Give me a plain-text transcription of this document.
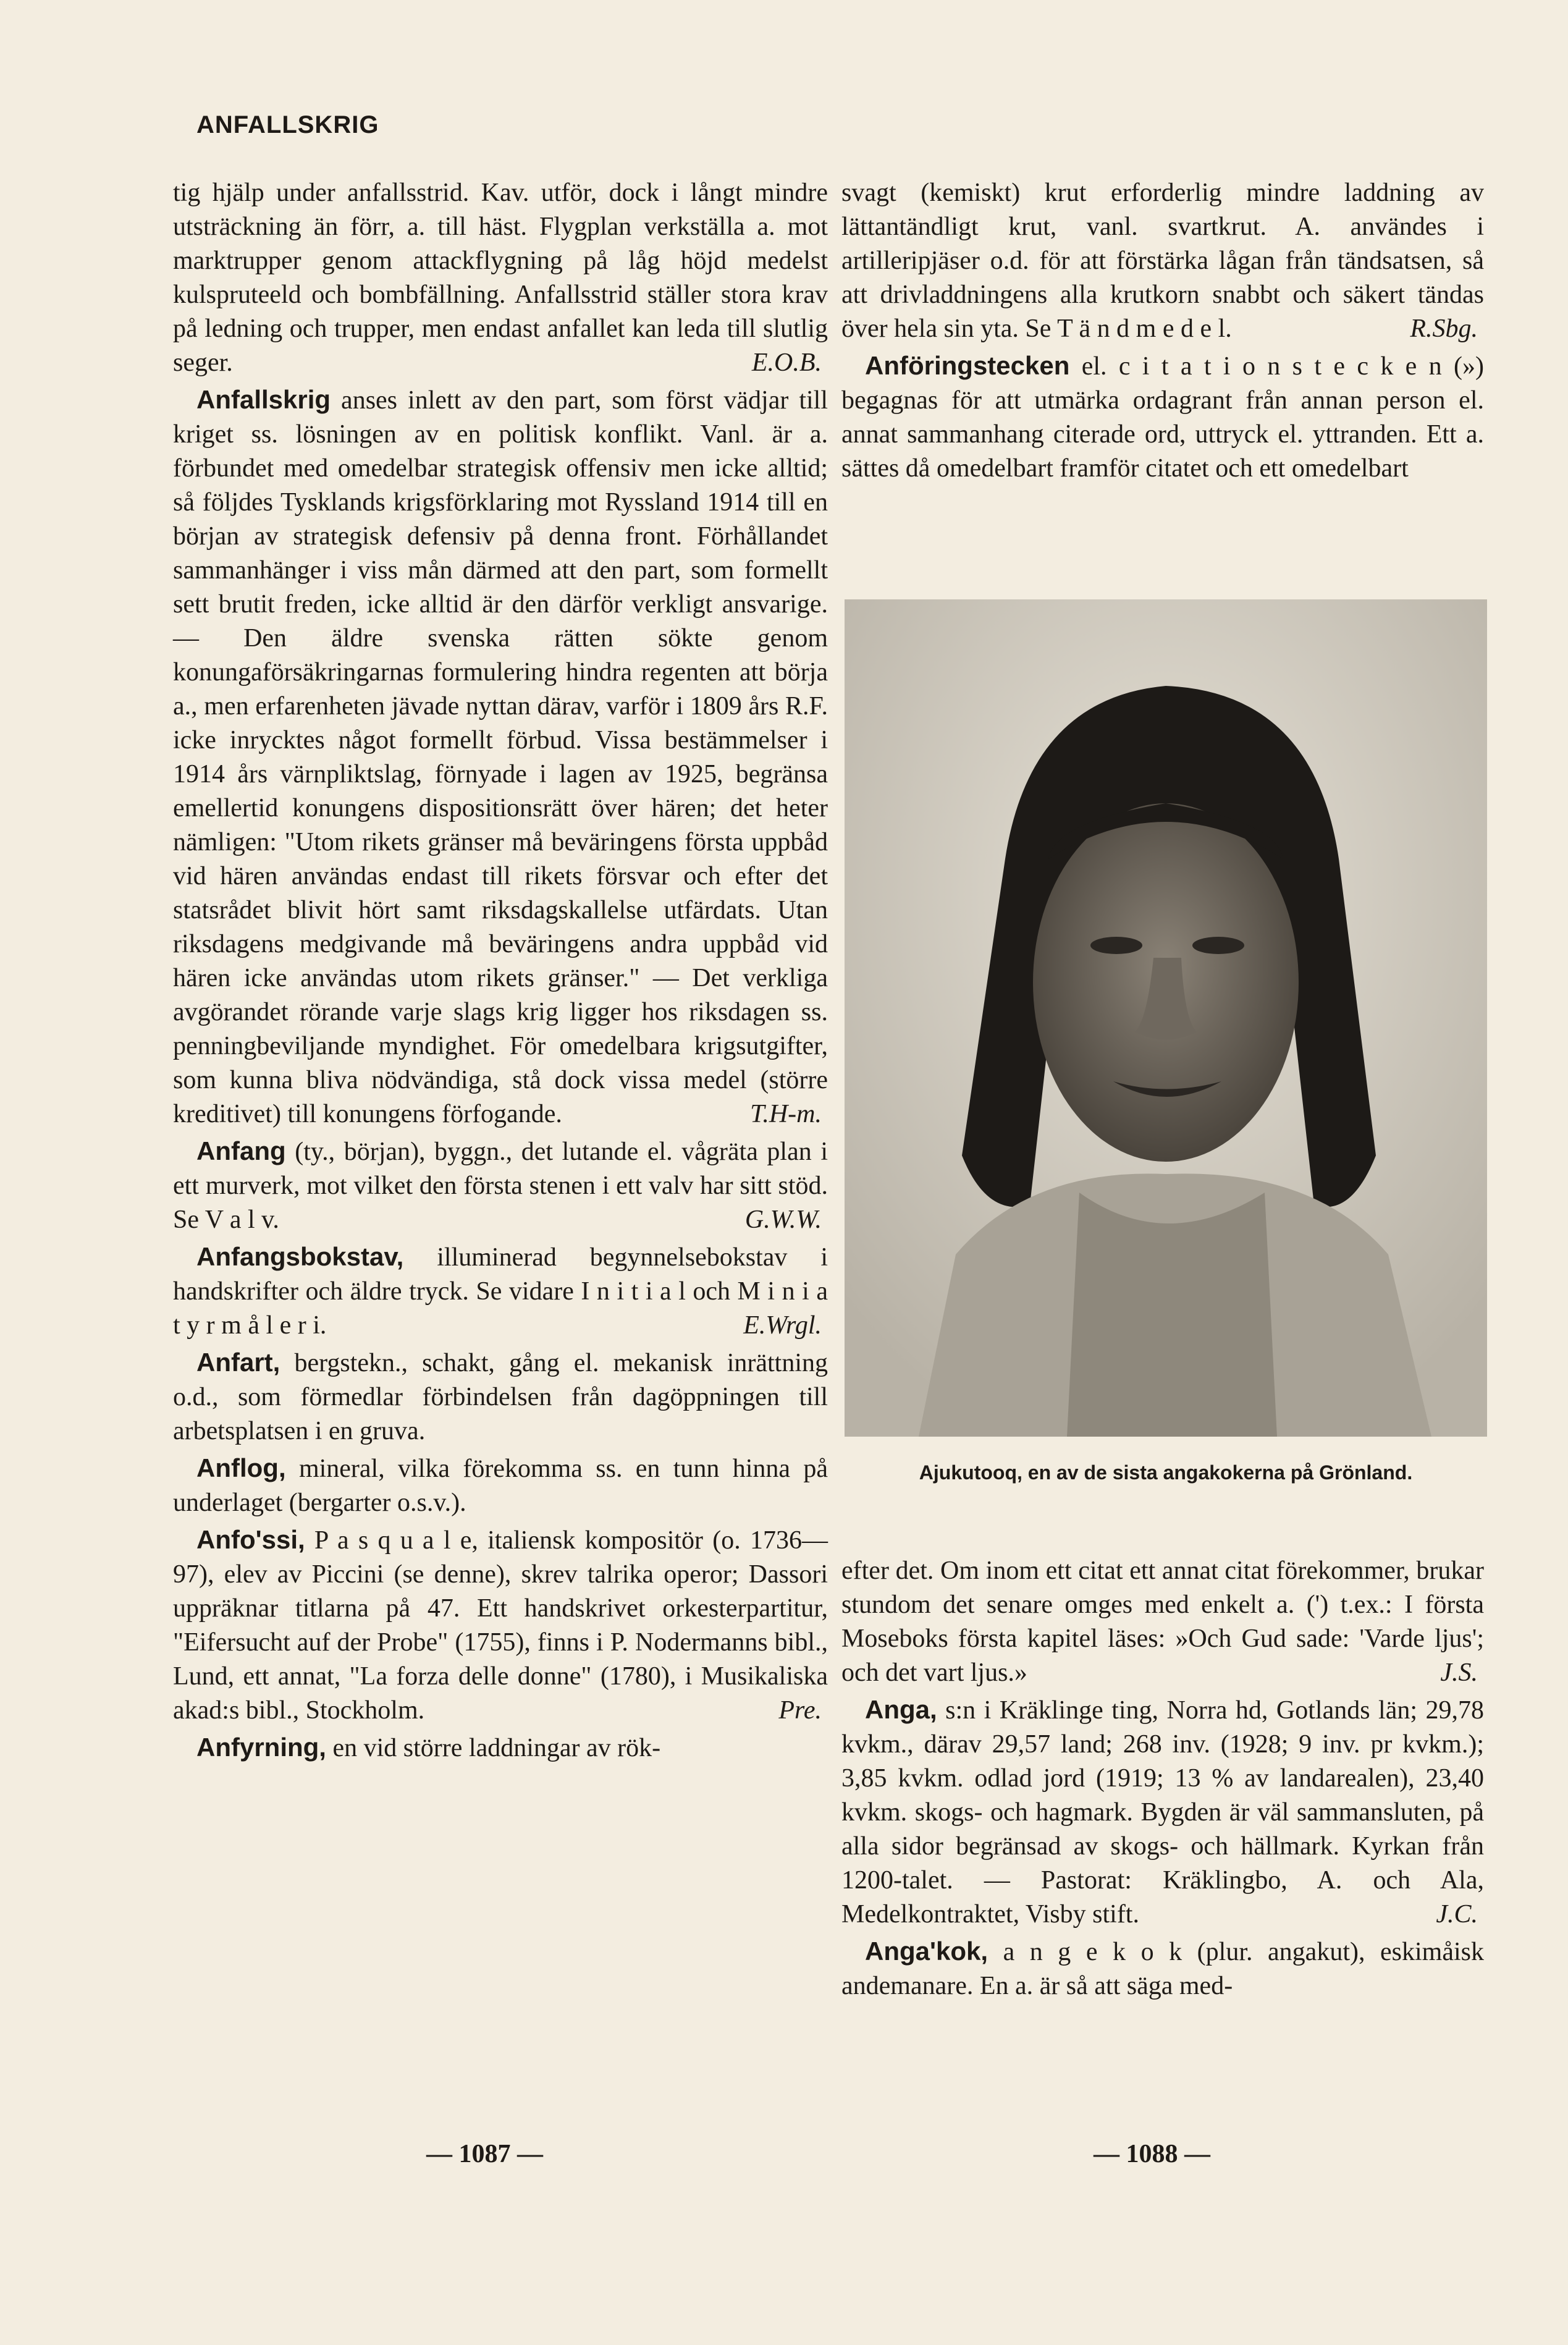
ANFALLSKRIG

tig hjälp under anfallsstrid. Kav. utför, dock i långt mindre utsträckning än förr, a. till häst. Flygplan verkställa a. mot marktrupper genom attackflygning på låg höjd medelst kulspruteeld och bombfällning. Anfallsstrid ställer stora krav på ledning och trupper, men endast anfallet kan leda till slutlig seger.	E.O.B.

Anfallskrig anses inlett av den part, som först vädjar till kriget ss. lösningen av en politisk konflikt. Vanl. är a. förbundet med omedelbar strategisk offensiv men icke alltid; så följdes Tysklands krigsförklaring mot Ryssland 1914 till en början av strategisk defensiv på denna front. Förhållandet sammanhänger i viss mån därmed att den part, som formellt sett brutit freden, icke alltid är den därför verkligt ansvarige. — Den äldre svenska rätten sökte genom konungaförsäkringarnas formulering hindra regenten att börja a., men erfarenheten jävade nyttan därav, varför i 1809 års R.F. icke inrycktes något formellt förbud. Vissa bestämmelser i 1914 års värnpliktslag, förnyade i lagen av 1925, begränsa emellertid konungens dispositionsrätt över hären; det heter nämligen: "Utom rikets gränser må beväringens första uppbåd vid hären användas endast till rikets försvar och efter det statsrådet blivit hört samt riksdagskallelse utfärdats. Utan riksdagens medgivande må beväringens andra uppbåd vid hären icke användas utom rikets gränser." — Det verkliga avgörandet rörande varje slags krig ligger hos riksdagen ss. penningbeviljande myndighet. För omedelbara krigsutgifter, som kunna bliva nödvändiga, stå dock vissa medel (större kreditivet) till konungens förfogande.	T.H-m.

Anfang (ty., början), byggn., det lutande el. vågräta plan i ett murverk, mot vilket den första stenen i ett valv har sitt stöd. Se V a l v.	G.W.W.

Anfangsbokstav, illuminerad begynnelsebokstav i handskrifter och äldre tryck. Se vidare I n i t i a l och M i n i a t y r m å l e r i.	E.Wrgl.

Anfart, bergstekn., schakt, gång el. mekanisk inrättning o.d., som förmedlar förbindelsen från dagöppningen till arbetsplatsen i en gruva.

Anflog, mineral, vilka förekomma ss. en tunn hinna på underlaget (bergarter o.s.v.).

Anfo'ssi, P a s q u a l e, italiensk kompositör (o. 1736—97), elev av Piccini (se denne), skrev talrika operor; Dassori uppräknar titlarna på 47. Ett handskrivet orkesterpartitur, "Eifersucht auf der Probe" (1755), finns i P. Nodermanns bibl., Lund, ett annat, "La forza delle donne" (1780), i Musikaliska akad:s bibl., Stockholm.	Pre.

Anfyrning, en vid större laddningar av rök-

svagt (kemiskt) krut erforderlig mindre laddning av lättantändligt krut, vanl. svartkrut. A. användes i artilleripjäser o.d. för att förstärka lågan från tändsatsen, så att drivladdningens alla krutkorn snabbt och säkert tändas över hela sin yta. Se T ä n d m e d e l.	R.Sbg.

Anföringstecken el. c i t a t i o n s t e c k e n (») begagnas för att utmärka ordagrant från annan person el. annat sammanhang citerade ord, uttryck el. yttranden. Ett a. sättes då omedelbart framför citatet och ett omedelbart

Ajukutooq, en av de sista angakokerna på Grönland.

efter det. Om inom ett citat ett annat citat förekommer, brukar stundom det senare omges med enkelt a. (') t.ex.: I första Moseboks första kapitel läses: »Och Gud sade: 'Varde ljus'; och det vart ljus.»	J.S.

Anga, s:n i Kräklinge ting, Norra hd, Gotlands län; 29,78 kvkm., därav 29,57 land; 268 inv. (1928; 9 inv. pr kvkm.); 3,85 kvkm. odlad jord (1919; 13 % av landarealen), 23,40 kvkm. skogs- och hagmark. Bygden är väl sammansluten, på alla sidor begränsad av skogs- och hällmark. Kyrkan från 1200-talet. — Pastorat: Kräklingbo, A. och Ala, Medelkontraktet, Visby stift.	J.C.

Anga'kok, a n g e k o k (plur. angakut), eskimåisk andemanare. En a. är så att säga med-

— 1087 —	— 1088 —
